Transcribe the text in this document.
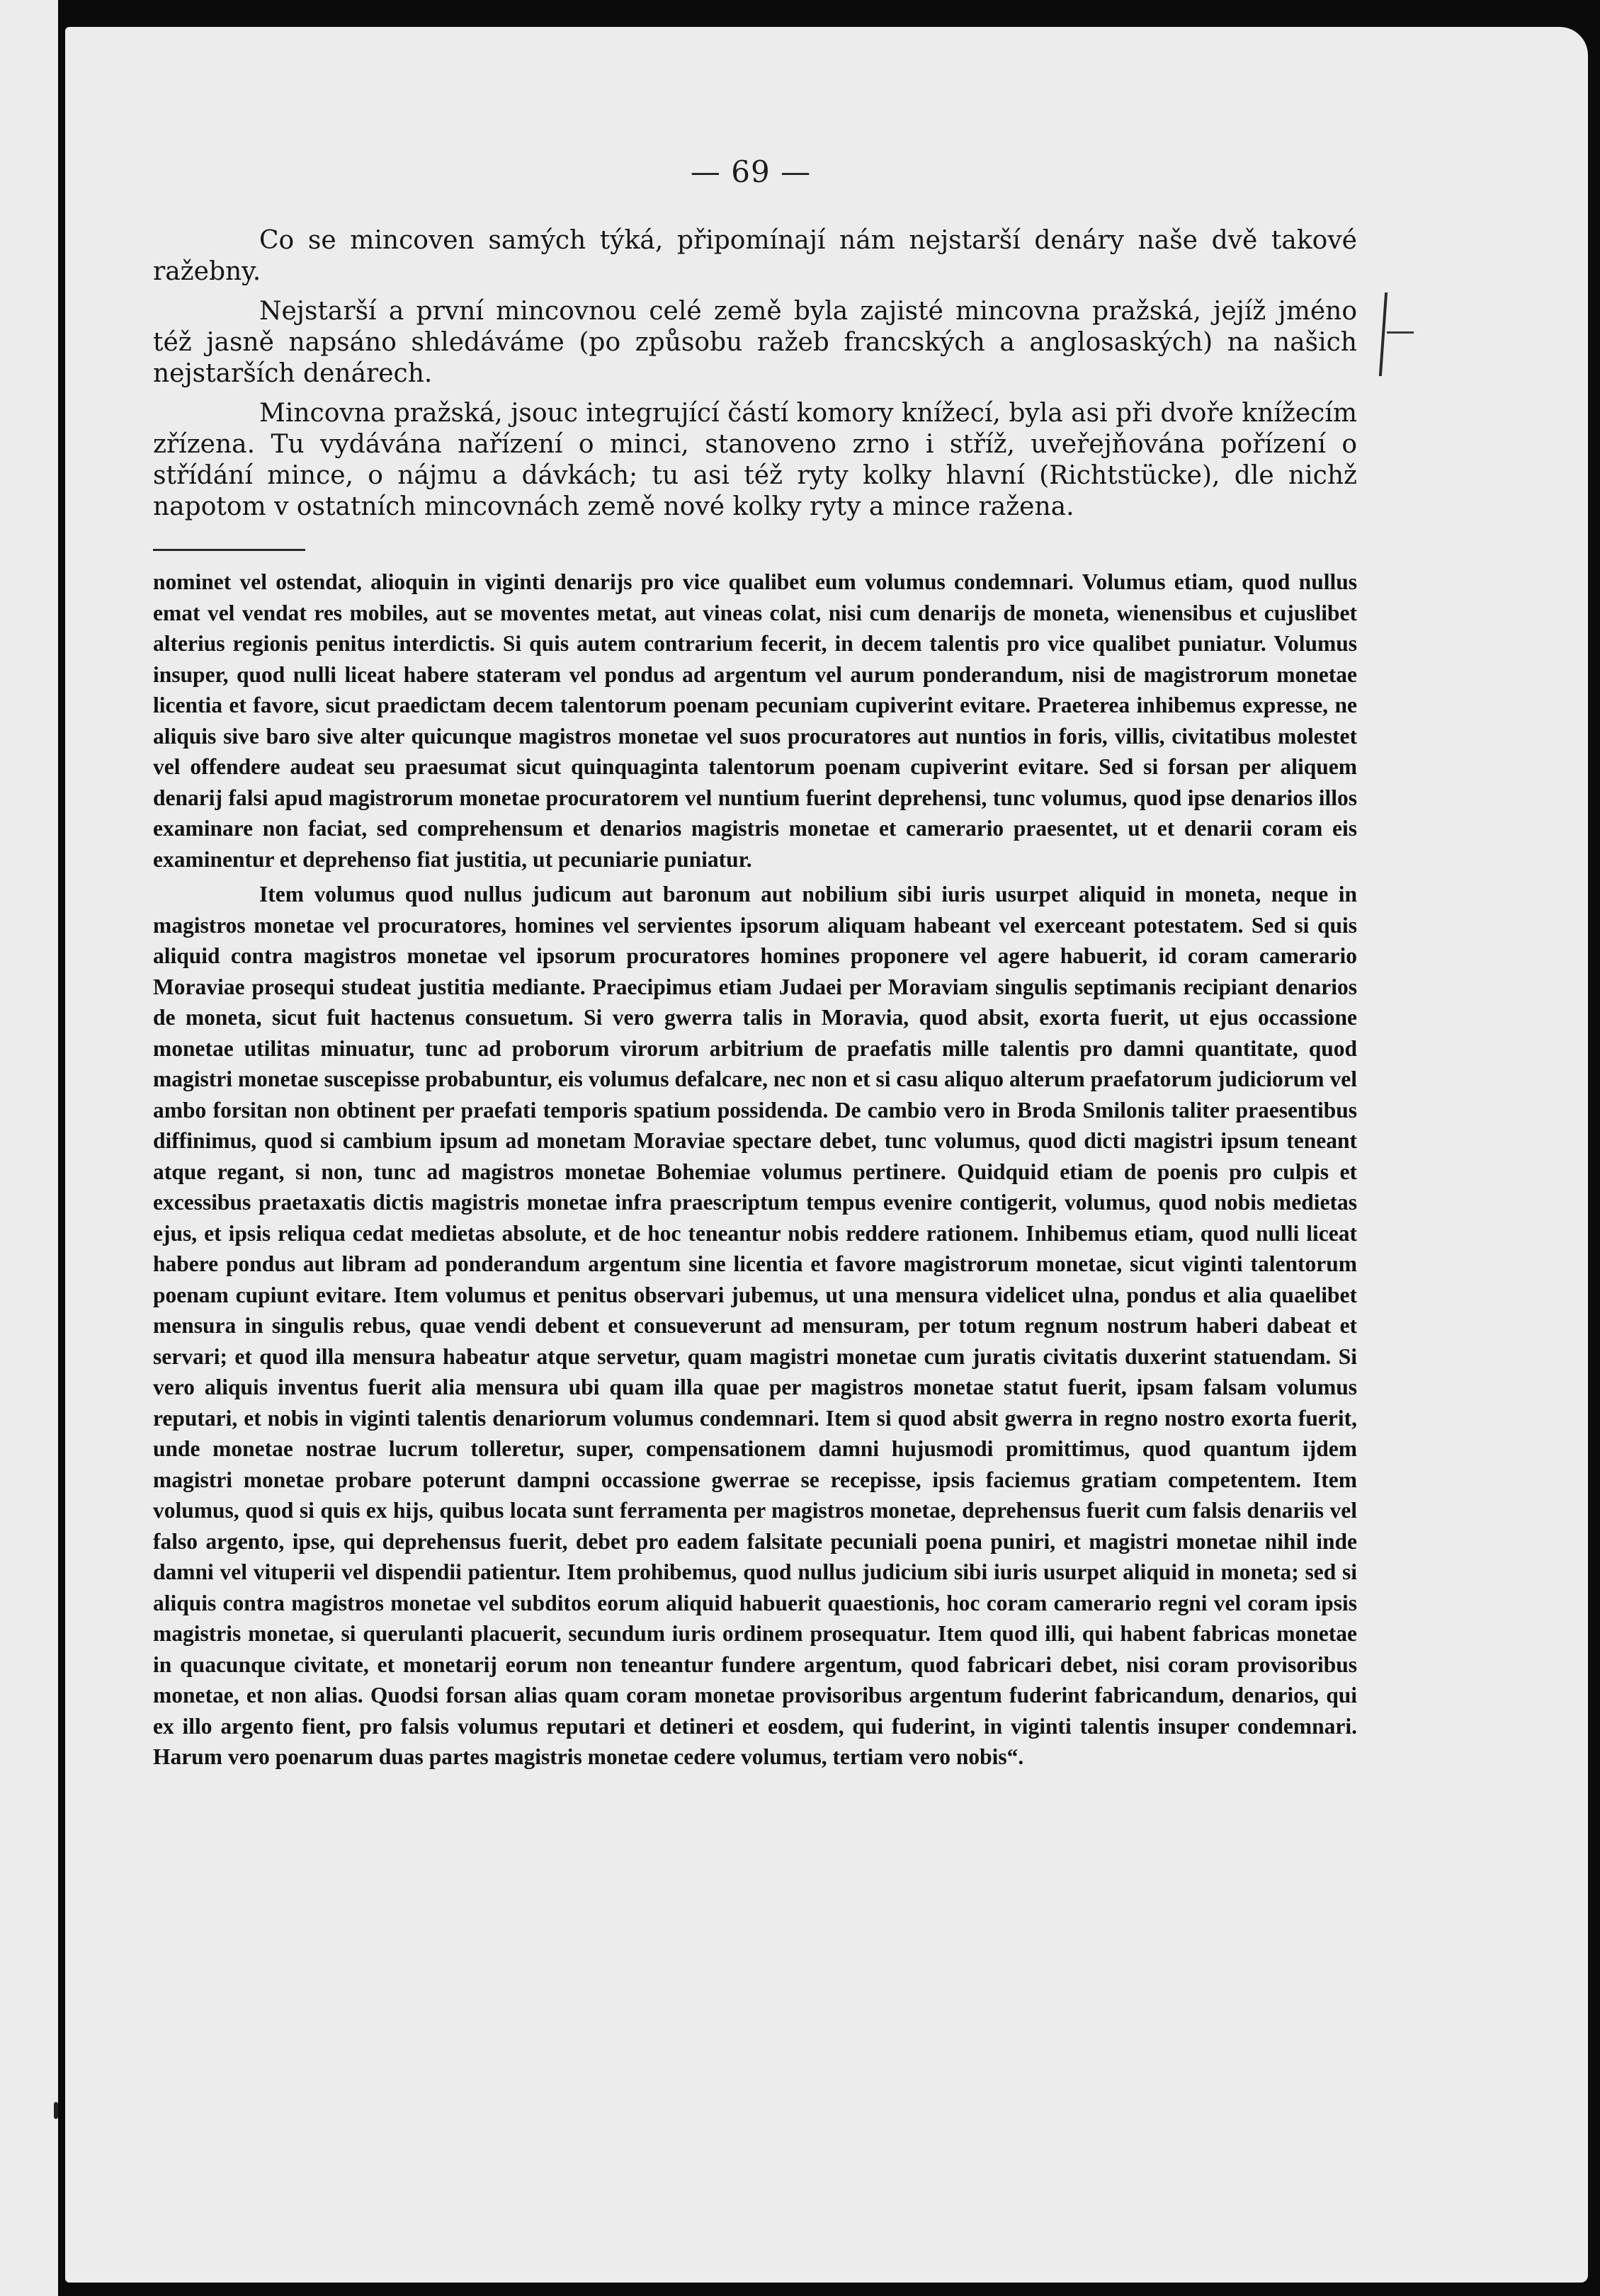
— 69 —

Co se mincoven samých týká, připomínají nám nejstarší denáry naše dvě takové ražebny.

Nejstarší a první mincovnou celé země byla zajisté mincovna pražská, jejíž jméno též jasně napsáno shledáváme (po způsobu ražeb francských a anglosaských) na našich nejstarších denárech.

Mincovna pražská, jsouc integrující částí komory knížecí, byla asi při dvoře knížecím zřízena. Tu vydávána nařízení o minci, stanoveno zrno i stříž, uveřejňována pořízení o střídání mince, o nájmu a dávkách; tu asi též ryty kolky hlavní (Richtstücke), dle nichž napotom v ostatních mincovnách země nové kolky ryty a mince ražena.

nominet vel ostendat, alioquin in viginti denarijs pro vice qualibet eum volumus condemnari. Volumus etiam, quod nullus emat vel vendat res mobiles, aut se moventes metat, aut vineas colat, nisi cum denarijs de moneta, wienensibus et cujuslibet alterius regionis penitus interdictis. Si quis autem contrarium fecerit, in decem talentis pro vice qualibet puniatur. Volumus insuper, quod nulli liceat habere stateram vel pondus ad argentum vel aurum ponderandum, nisi de magistrorum monetae licentia et favore, sicut praedictam decem talentorum poenam pecuniam cupiverint evitare. Praeterea inhibemus expresse, ne aliquis sive baro sive alter quicunque magistros monetae vel suos procuratores aut nuntios in foris, villis, civitatibus molestet vel offendere audeat seu praesumat sicut quinquaginta talentorum poenam cupiverint evitare. Sed si forsan per aliquem denarij falsi apud magistrorum monetae procuratorem vel nuntium fuerint deprehensi, tunc volumus, quod ipse denarios illos examinare non faciat, sed comprehensum et denarios magistris monetae et camerario praesentet, ut et denarii coram eis examinentur et deprehenso fiat justitia, ut pecuniarie puniatur.

Item volumus quod nullus judicum aut baronum aut nobilium sibi iuris usurpet aliquid in moneta, neque in magistros monetae vel procuratores, homines vel servientes ipsorum aliquam habeant vel exerceant potestatem. Sed si quis aliquid contra magistros monetae vel ipsorum procuratores homines proponere vel agere habuerit, id coram camerario Moraviae prosequi studeat justitia mediante. Praecipimus etiam Judaei per Moraviam singulis septimanis recipiant denarios de moneta, sicut fuit hactenus consuetum. Si vero gwerra talis in Moravia, quod absit, exorta fuerit, ut ejus occassione monetae utilitas minuatur, tunc ad proborum virorum arbitrium de praefatis mille talentis pro damni quantitate, quod magistri monetae suscepisse probabuntur, eis volumus defalcare, nec non et si casu aliquo alterum praefatorum judiciorum vel ambo forsitan non obtinent per praefati temporis spatium possidenda. De cambio vero in Broda Smilonis taliter praesentibus diffinimus, quod si cambium ipsum ad monetam Moraviae spectare debet, tunc volumus, quod dicti magistri ipsum teneant atque regant, si non, tunc ad magistros monetae Bohemiae volumus pertinere. Quidquid etiam de poenis pro culpis et excessibus praetaxatis dictis magistris monetae infra praescriptum tempus evenire contigerit, volumus, quod nobis medietas ejus, et ipsis reliqua cedat medietas absolute, et de hoc teneantur nobis reddere rationem. Inhibemus etiam, quod nulli liceat habere pondus aut libram ad ponderandum argentum sine licentia et favore magistrorum monetae, sicut viginti talentorum poenam cupiunt evitare. Item volumus et penitus observari jubemus, ut una mensura videlicet ulna, pondus et alia quaelibet mensura in singulis rebus, quae vendi debent et consueverunt ad mensuram, per totum regnum nostrum haberi dabeat et servari; et quod illa mensura habeatur atque servetur, quam magistri monetae cum juratis civitatis duxerint statuendam. Si vero aliquis inventus fuerit alia mensura ubi quam illa quae per magistros monetae statut fuerit, ipsam falsam volumus reputari, et nobis in viginti talentis denariorum volumus condemnari. Item si quod absit gwerra in regno nostro exorta fuerit, unde monetae nostrae lucrum tolleretur, super, compensationem damni hujusmodi promittimus, quod quantum ijdem magistri monetae probare poterunt dampni occassione gwerrae se recepisse, ipsis faciemus gratiam competentem. Item volumus, quod si quis ex hijs, quibus locata sunt ferramenta per magistros monetae, deprehensus fuerit cum falsis denariis vel falso argento, ipse, qui deprehensus fuerit, debet pro eadem falsitate pecuniali poena puniri, et magistri monetae nihil inde damni vel vituperii vel dispendii patientur. Item prohibemus, quod nullus judicium sibi iuris usurpet aliquid in moneta; sed si aliquis contra magistros monetae vel subditos eorum aliquid habuerit quaestionis, hoc coram camerario regni vel coram ipsis magistris monetae, si querulanti placuerit, secundum iuris ordinem prosequatur. Item quod illi, qui habent fabricas monetae in quacunque civitate, et monetarij eorum non teneantur fundere argentum, quod fabricari debet, nisi coram provisoribus monetae, et non alias. Quodsi forsan alias quam coram monetae provisoribus argentum fuderint fabricandum, denarios, qui ex illo argento fient, pro falsis volumus reputari et detineri et eosdem, qui fuderint, in viginti talentis insuper condemnari. Harum vero poenarum duas partes magistris monetae cedere volumus, tertiam vero nobis“.
